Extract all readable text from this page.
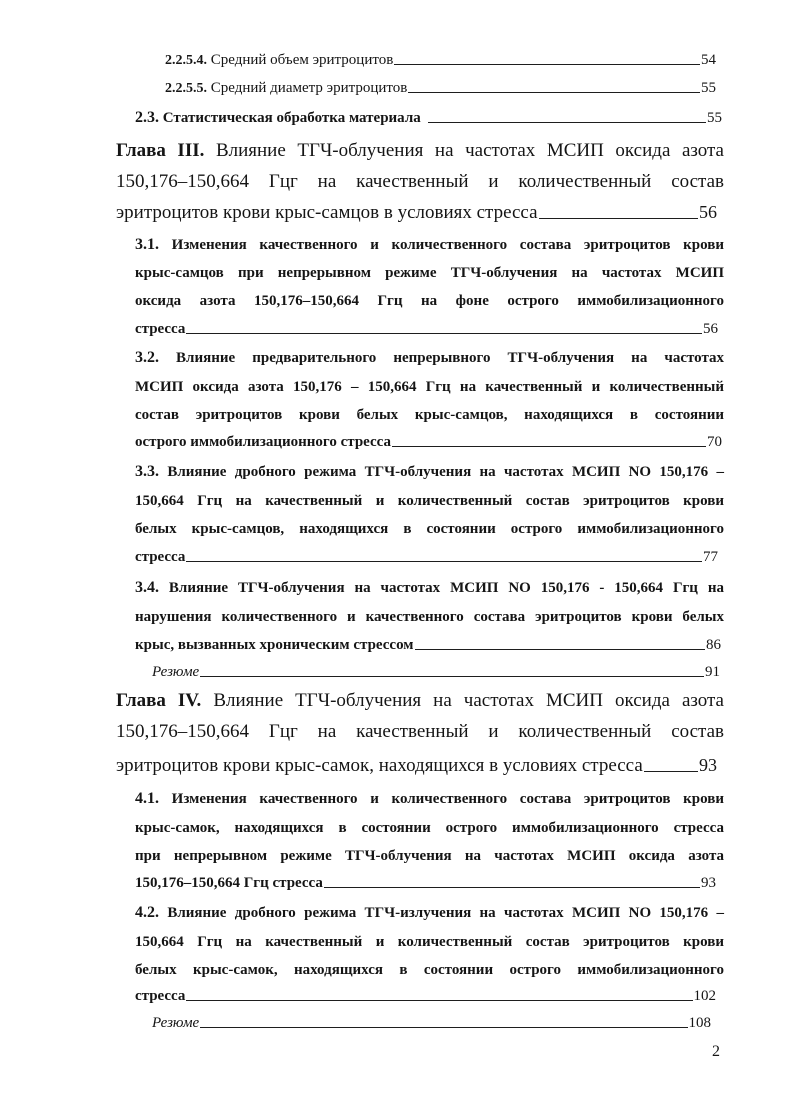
2.2.5.4. Средний объем эритроцитов	54
2.2.5.5. Средний диаметр эритроцитов	55
2.3. Статистическая обработка материала	55
Глава III. Влияние ТГЧ-облучения на частотах МСИП оксида азота
150,176–150,664 Гцг на качественный и количественный состав
эритроцитов крови крыс-самцов в условиях стресса	56
3.1. Изменения качественного и количественного состава эритроцитов крови
крыс-самцов при непрерывном режиме ТГЧ-облучения на частотах МСИП
оксида азота 150,176–150,664 Ггц на фоне острого иммобилизационного
стресса	56
3.2. Влияние предварительного непрерывного ТГЧ-облучения на частотах
МСИП оксида азота 150,176 – 150,664 Ггц на качественный и количественный
состав эритроцитов крови белых крыс-самцов, находящихся в состоянии
острого иммобилизационного стресса	70
3.3. Влияние дробного режима ТГЧ-облучения на частотах МСИП NO 150,176 –
150,664 Ггц на качественный и количественный состав эритроцитов крови
белых крыс-самцов, находящихся в состоянии острого иммобилизационного
стресса	77
3.4. Влияние ТГЧ-облучения на частотах МСИП NO 150,176 - 150,664 Ггц на
нарушения количественного и качественного состава эритроцитов крови белых
крыс, вызванных хроническим стрессом	86
Резюме	91
Глава IV. Влияние ТГЧ-облучения на частотах МСИП оксида азота
150,176–150,664 Гцг на качественный и количественный состав
эритроцитов крови крыс-самок, находящихся в условиях стресса	93
4.1. Изменения качественного и количественного состава эритроцитов крови
крыс-самок, находящихся в состоянии острого иммобилизационного стресса
при непрерывном режиме ТГЧ-облучения на частотах МСИП оксида азота
150,176–150,664 Ггц стресса	93
4.2. Влияние дробного режима ТГЧ-излучения на частотах МСИП NO 150,176 –
150,664 Ггц на качественный и количественный состав эритроцитов крови
белых крыс-самок, находящихся в состоянии острого иммобилизационного
стресса	102
Резюме	108
2
